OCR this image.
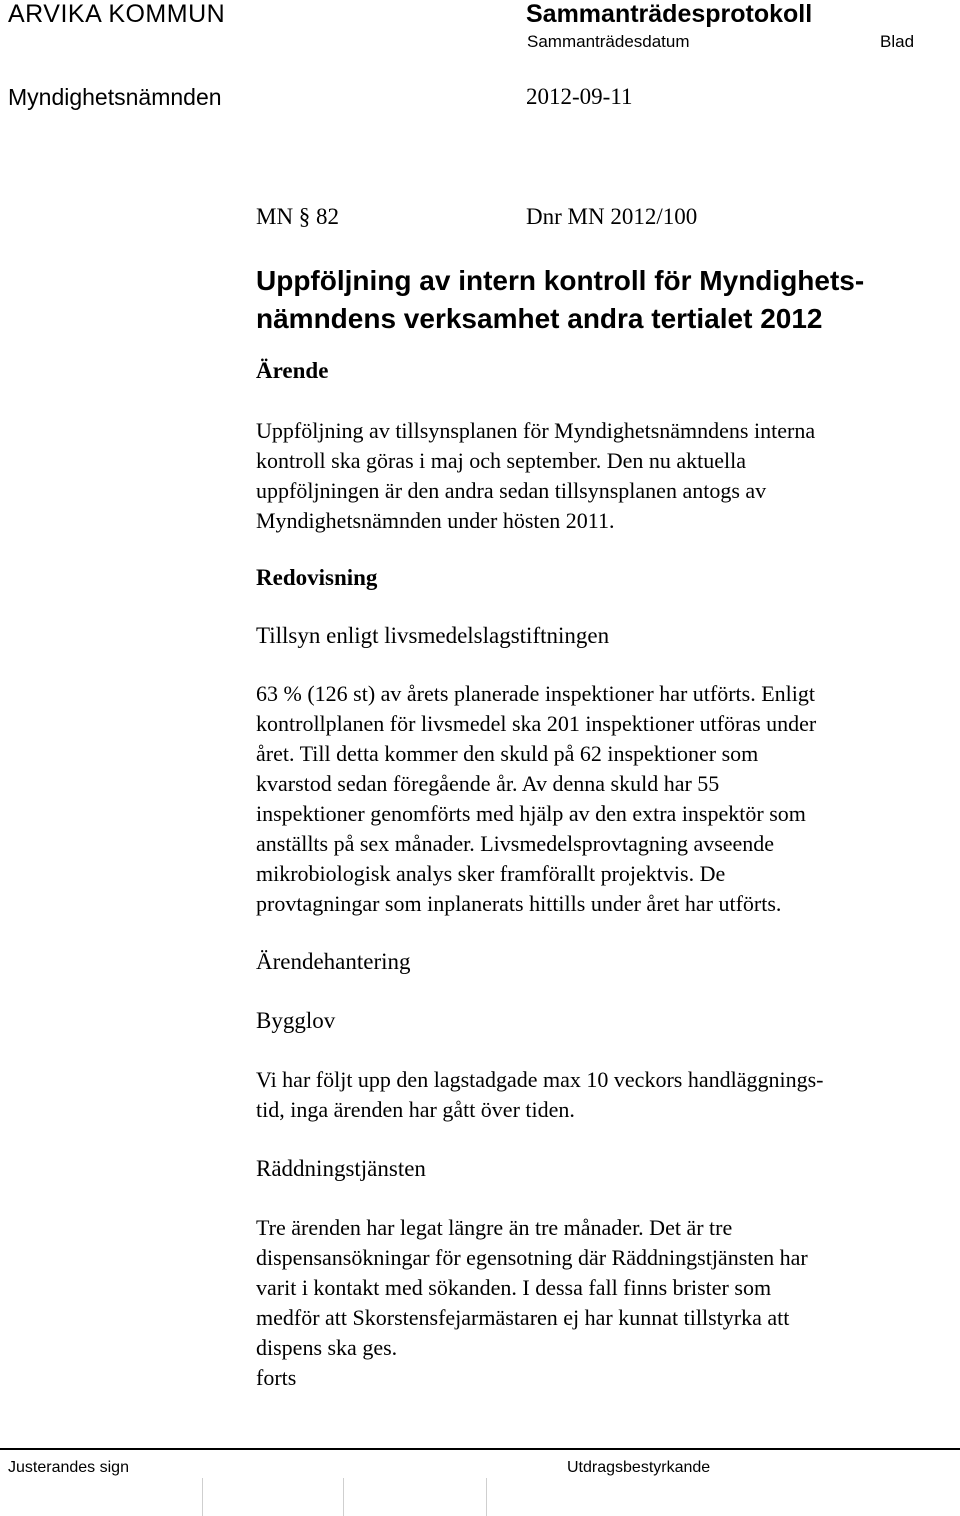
ARVIKA KOMMUN	Sammanträdesprotokoll
Sammanträdesdatum	Blad
Myndighetsnämnden	2012-09-11
MN § 82	Dnr MN 2012/100

Uppföljning av intern kontroll för Myndighets-

nämndens verksamhet andra tertialet 2012

Ärende

Uppföljning av tillsynsplanen för Myndighetsnämndens interna

kontroll ska göras i maj och september. Den nu aktuella

uppföljningen är den andra sedan tillsynsplanen antogs av

Myndighetsnämnden under hösten 2011.

Redovisning
Tillsyn enligt livsmedelslagstiftningen

63 % (126 st) av årets planerade inspektioner har utförts. Enligt

kontrollplanen för livsmedel ska 201 inspektioner utföras under

året. Till detta kommer den skuld på 62 inspektioner som

kvarstod sedan föregående år. Av denna skuld har 55

inspektioner genomförts med hjälp av den extra inspektör som

anställts på sex månader. Livsmedelsprovtagning avseende

mikrobiologisk analys sker framförallt projektvis. De

provtagningar som inplanerats hittills under året har utförts.

Ärendehantering
Bygglov

Vi har följt upp den lagstadgade max 10 veckors handläggnings-

tid, inga ärenden har gått över tiden.

Räddningstjänsten

Tre ärenden har legat längre än tre månader. Det är tre

dispensansökningar för egensotning där Räddningstjänsten har

varit i kontakt med sökanden. I dessa fall finns brister som

medför att Skorstensfejarmästaren ej har kunnat tillstyrka att

dispens ska ges.

forts

Justerandes sign	Utdragsbestyrkande
